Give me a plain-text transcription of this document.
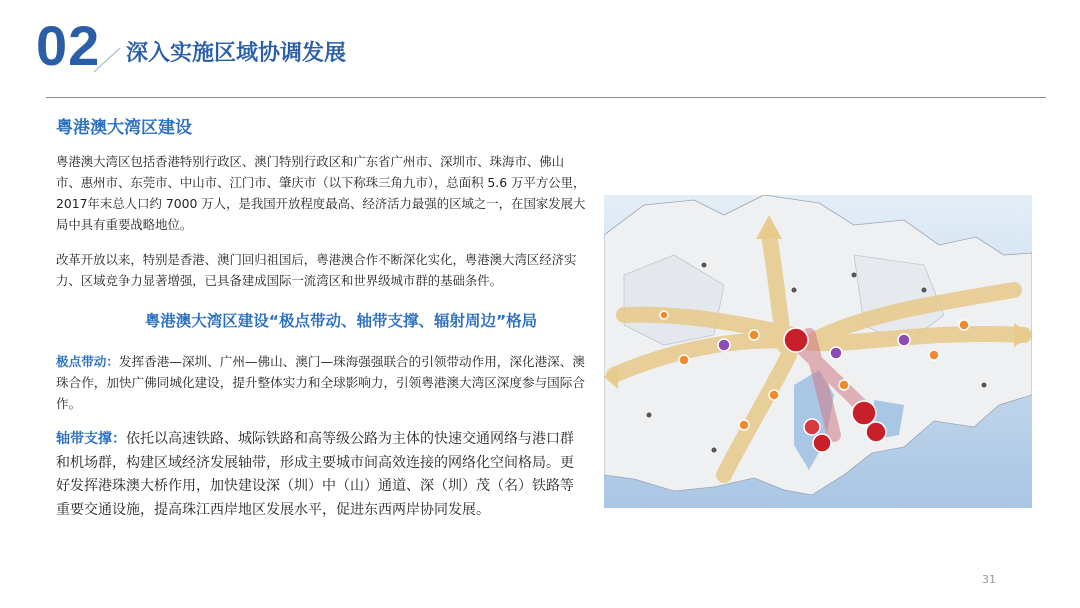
02 深入实施区域协调发展
粤港澳大湾区建设
粤港澳大湾区包括香港特别行政区、澳门特别行政区和广东省广州市、深圳市、珠海市、佛山市、惠州市、东莞市、中山市、江门市、肇庆市（以下称珠三角九市），总面积 5.6 万平方公里，2017年末总人口约 7000 万人，是我国开放程度最高、经济活力最强的区域之一，在国家发展大局中具有重要战略地位。
改革开放以来，特别是香港、澳门回归祖国后，粤港澳合作不断深化实化，粤港澳大湾区经济实力、区域竞争力显著增强，已具备建成国际一流湾区和世界级城市群的基础条件。
粤港澳大湾区建设“极点带动、轴带支撑、辐射周边”格局
极点带动：发挥香港—深圳、广州—佛山、澳门—珠海强强联合的引领带动作用，深化港深、澳珠合作，加快广佛同城化建设，提升整体实力和全球影响力，引领粤港澳大湾区深度参与国际合作。
轴带支撑：依托以高速铁路、城际铁路和高等级公路为主体的快速交通网络与港口群和机场群，构建区域经济发展轴带，形成主要城市间高效连接的网络化空间格局。更好发挥港珠澳大桥作用，加快建设深（圳）中（山）通道、深（圳）茂（名）铁路等重要交通设施，提高珠江西岸地区发展水平，促进东西两岸协同发展。
31
